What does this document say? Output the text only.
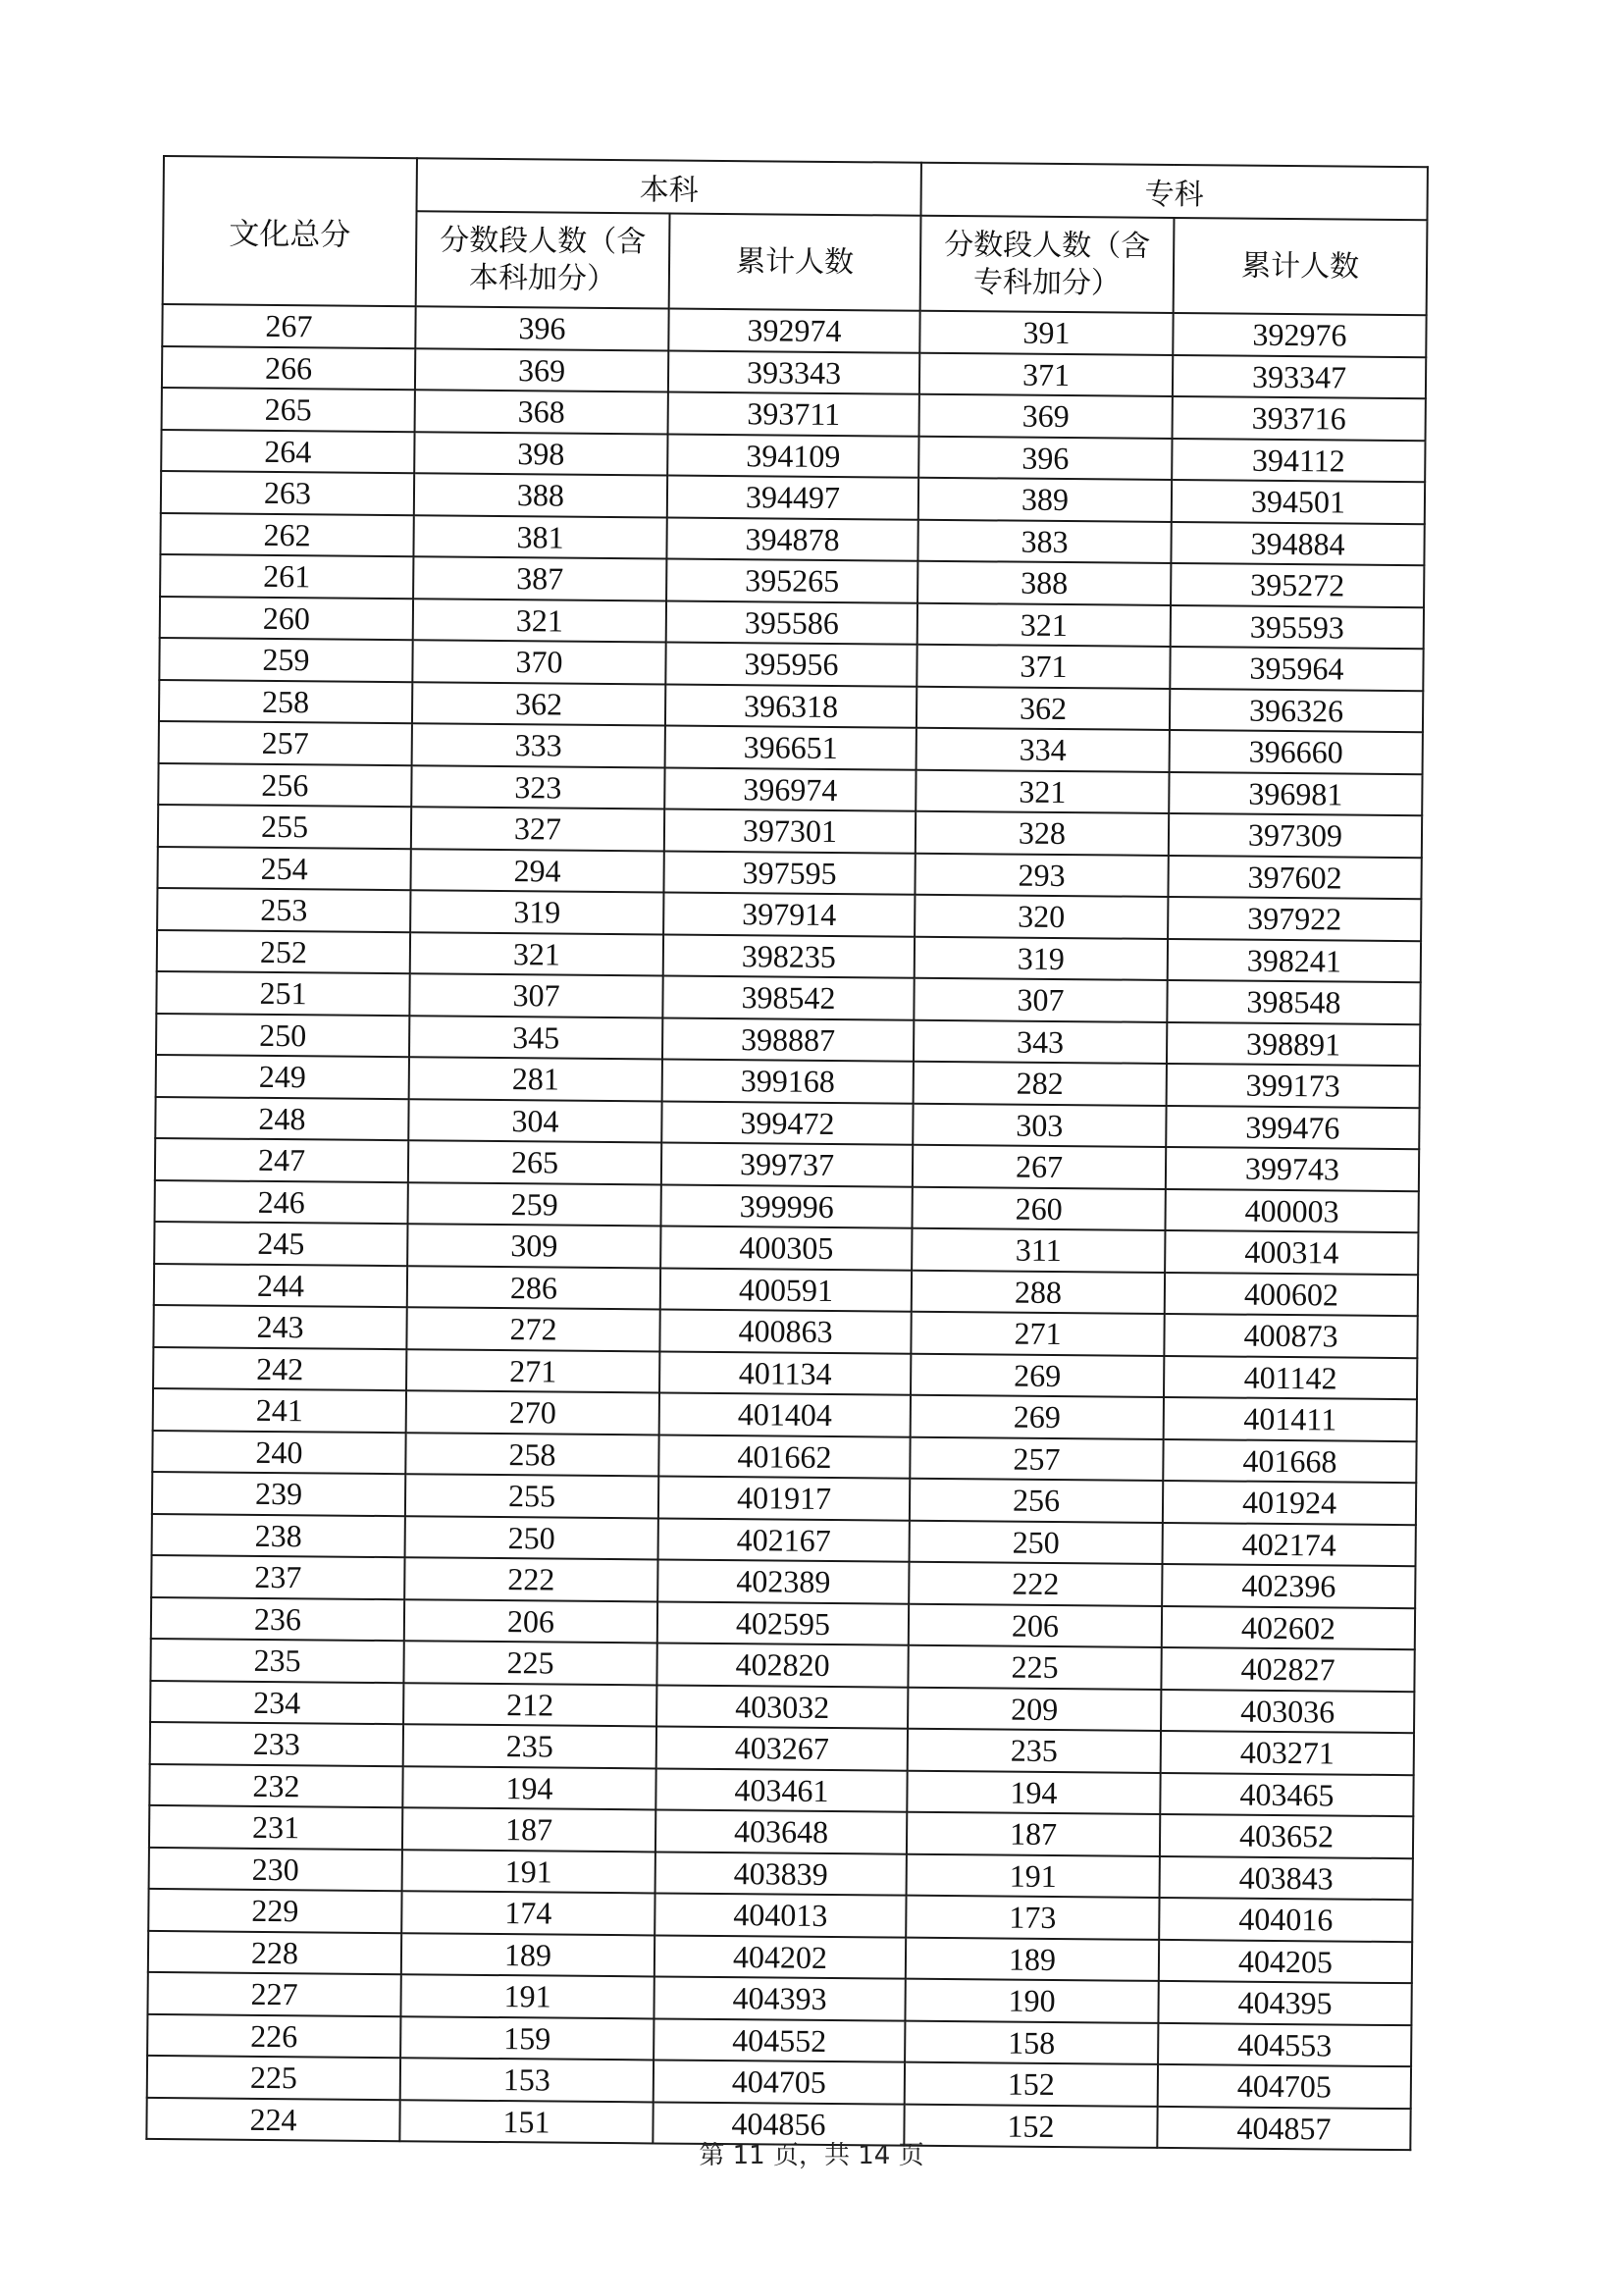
文化总分	本科		专科	
	分数段人数（含本科加分）	累计人数	分数段人数（含专科加分）	累计人数
267	396	392974	391	392976
266	369	393343	371	393347
265	368	393711	369	393716
264	398	394109	396	394112
263	388	394497	389	394501
262	381	394878	383	394884
261	387	395265	388	395272
260	321	395586	321	395593
259	370	395956	371	395964
258	362	396318	362	396326
257	333	396651	334	396660
256	323	396974	321	396981
255	327	397301	328	397309
254	294	397595	293	397602
253	319	397914	320	397922
252	321	398235	319	398241
251	307	398542	307	398548
250	345	398887	343	398891
249	281	399168	282	399173
248	304	399472	303	399476
247	265	399737	267	399743
246	259	399996	260	400003
245	309	400305	311	400314
244	286	400591	288	400602
243	272	400863	271	400873
242	271	401134	269	401142
241	270	401404	269	401411
240	258	401662	257	401668
239	255	401917	256	401924
238	250	402167	250	402174
237	222	402389	222	402396
236	206	402595	206	402602
235	225	402820	225	402827
234	212	403032	209	403036
233	235	403267	235	403271
232	194	403461	194	403465
231	187	403648	187	403652
230	191	403839	191	403843
229	174	404013	173	404016
228	189	404202	189	404205
227	191	404393	190	404395
226	159	404552	158	404553
225	153	404705	152	404705
224	151	404856	152	404857
第 11 页，共 14 页
